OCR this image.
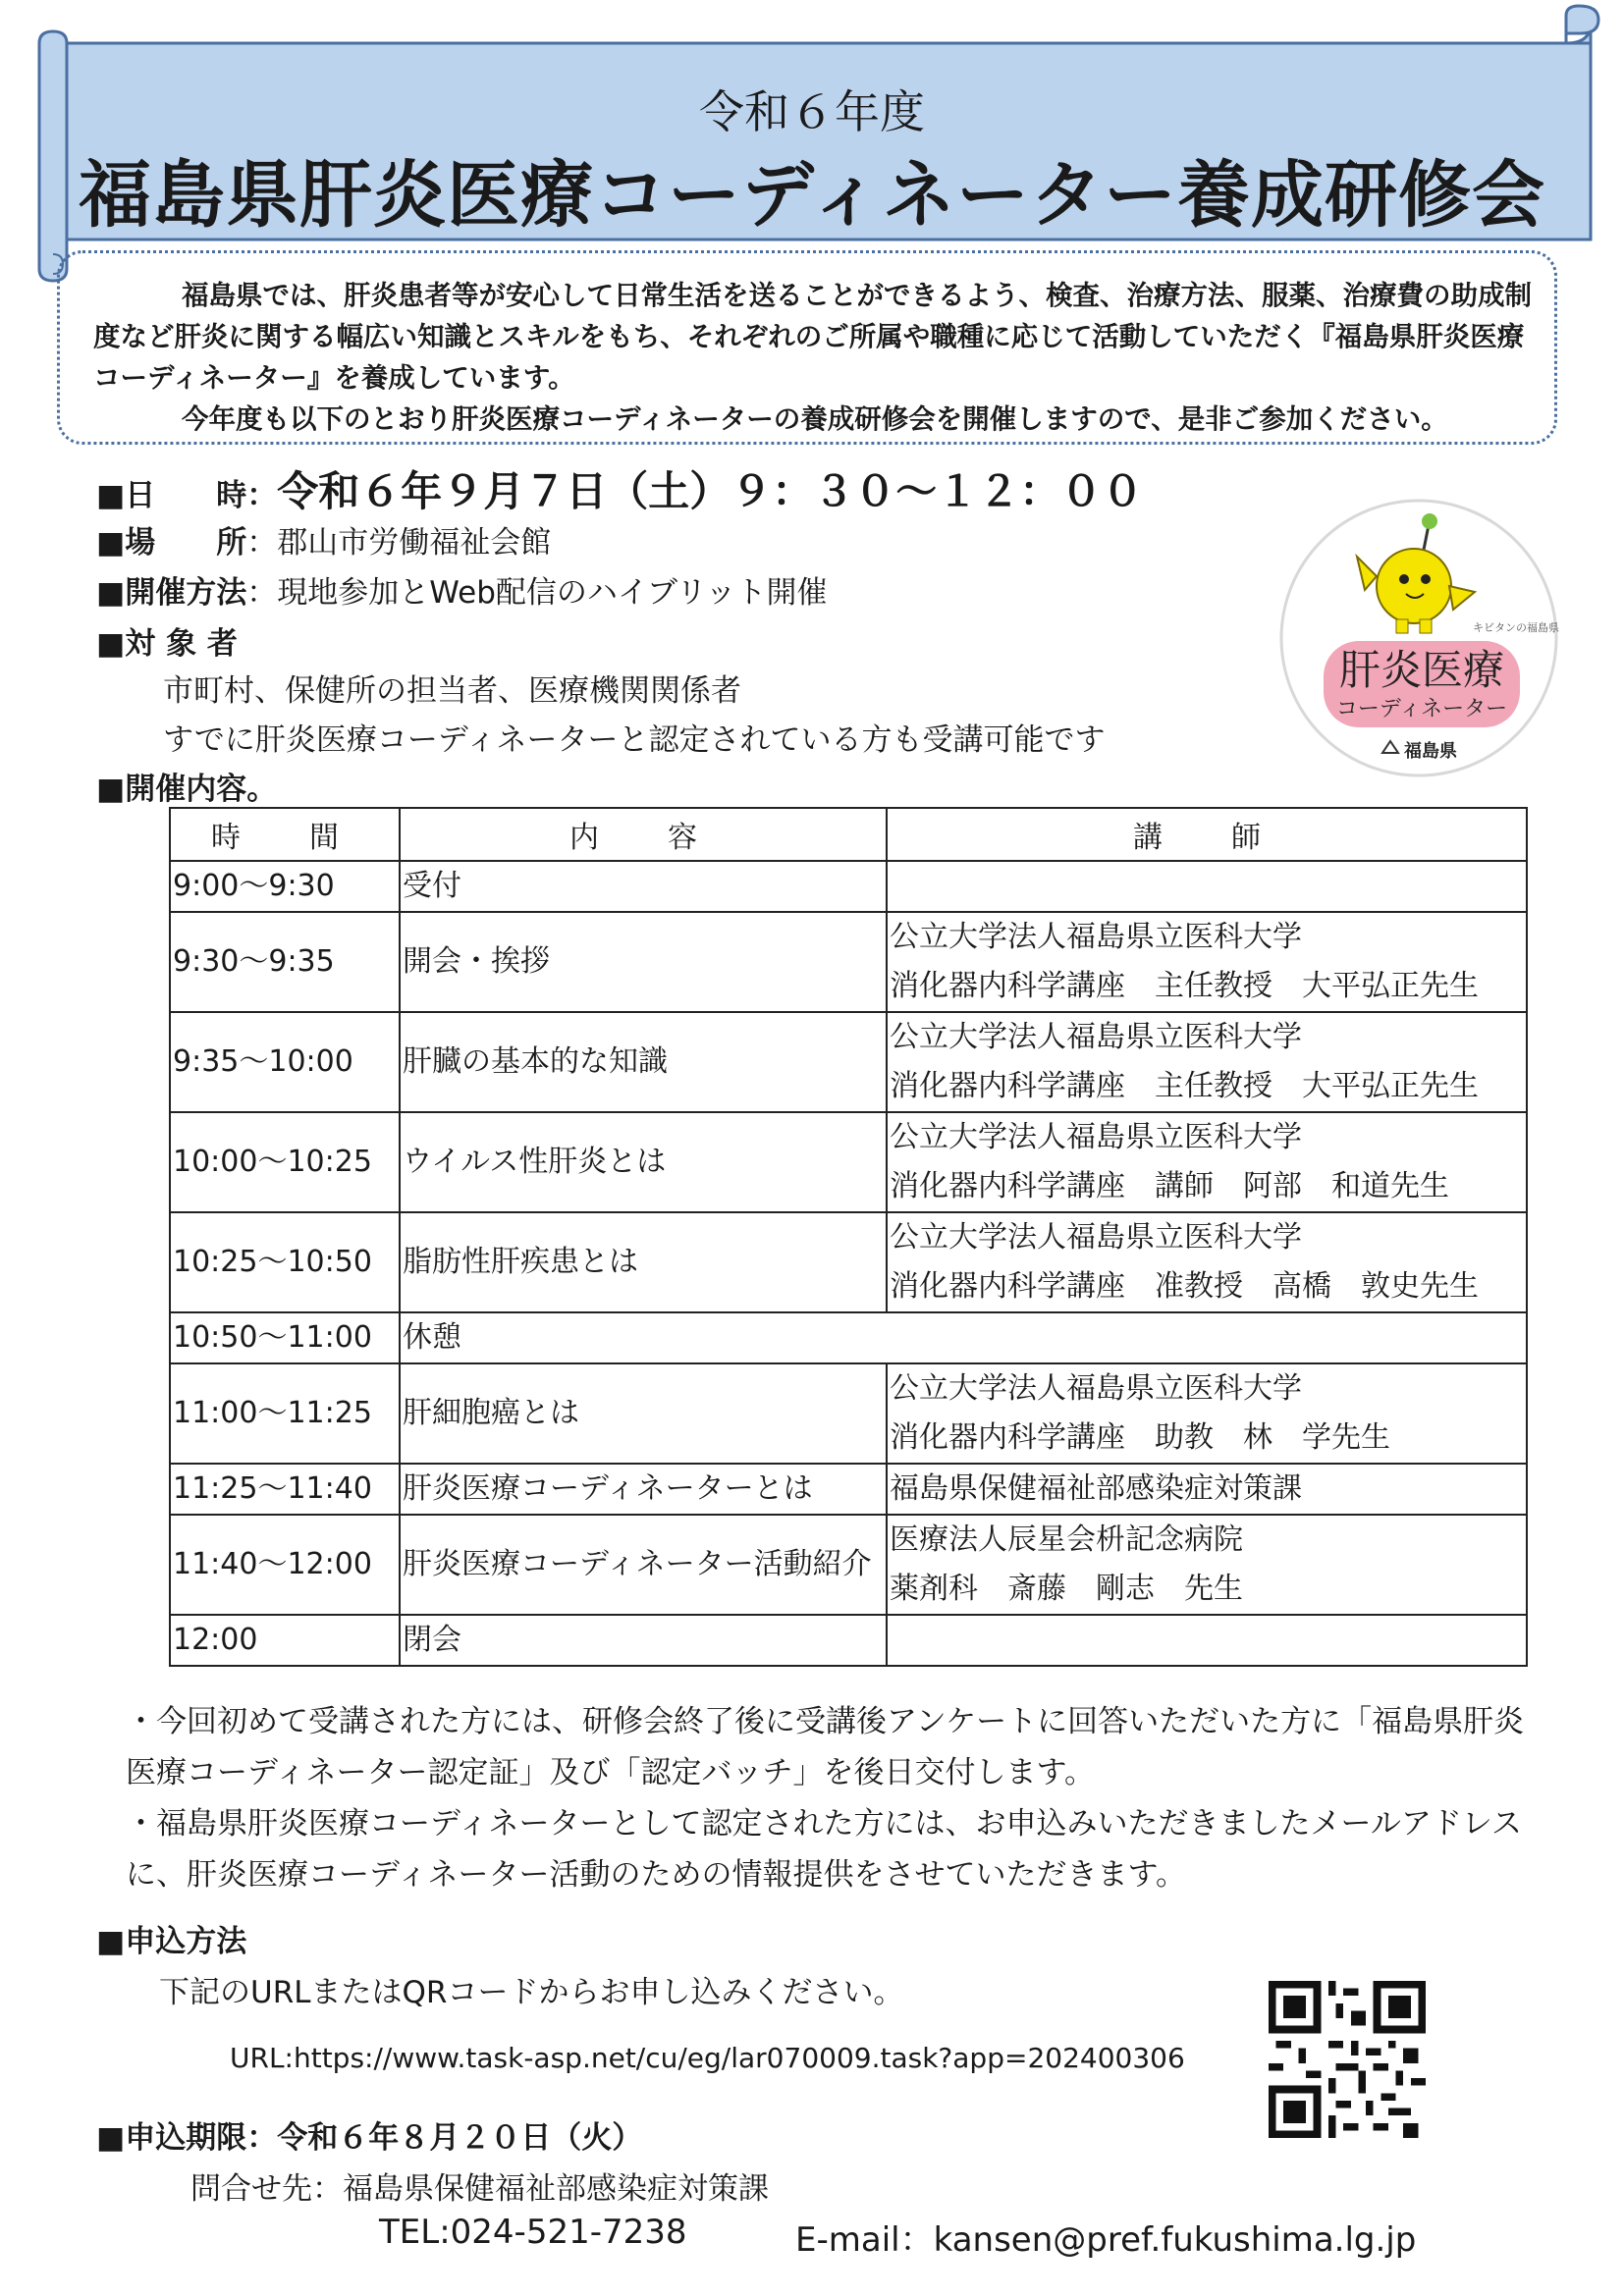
令和６年度
福島県肝炎医療コーディネーター養成研修会

福島県では、肝炎患者等が安心して日常生活を送ることができるよう、検査、治療方法、服薬、治療費の助成制度など肝炎に関する幅広い知識とスキルをもち、それぞれのご所属や職種に応じて活動していただく『福島県肝炎医療コーディネーター』を養成しています。

今年度も以下のとおり肝炎医療コーディネーターの養成研修会を開催しますので、是非ご参加ください。

■日　　時：令和６年９月７日（土）９：３０～１２：００
■場　　所：郡山市労働福祉会館
■開催方法：現地参加とWeb配信のハイブリット開催
■対 象 者
市町村、保健所の担当者、医療機関関係者
すでに肝炎医療コーディネーターと認定されている方も受講可能です
■開催内容。
キビタンの福島県
肝炎医療
コーディネーター
福島県
時　間	内　容	講　師
9:00～9:30	受付	
9:30～9:35	開会・挨拶	公立大学法人福島県立医科大学
消化器内科学講座　主任教授　大平弘正先生

9:35～10:00	肝臓の基本的な知識	公立大学法人福島県立医科大学
消化器内科学講座　主任教授　大平弘正先生

10:00～10:25	ウイルス性肝炎とは	公立大学法人福島県立医科大学
消化器内科学講座　講師　阿部　和道先生

10:25～10:50	脂肪性肝疾患とは	公立大学法人福島県立医科大学
消化器内科学講座　准教授　高橋　敦史先生

10:50～11:00	休憩	
11:00～11:25	肝細胞癌とは	公立大学法人福島県立医科大学
消化器内科学講座　助教　林　学先生

11:25～11:40	肝炎医療コーディネーターとは	福島県保健福祉部感染症対策課
11:40～12:00	肝炎医療コーディネーター活動紹介	医療法人辰星会枡記念病院
薬剤科　斎藤　剛志　先生

12:00	閉会	
・今回初めて受講された方には、研修会終了後に受講後アンケートに回答いただいた方に「福島県肝炎
医療コーディネーター認定証」及び「認定バッチ」を後日交付します。
・福島県肝炎医療コーディネーターとして認定された方には、お申込みいただきましたメールアドレス
に、肝炎医療コーディネーター活動のための情報提供をさせていただきます。
■申込方法
下記のURLまたはQRコードからお申し込みください。
URL:https://www.task-asp.net/cu/eg/lar070009.task?app=202400306
■申込期限：令和６年８月２０日（火）
問合せ先：福島県保健福祉部感染症対策課
TEL:024-521-7238	E-mail：kansen@pref.fukushima.lg.jp
